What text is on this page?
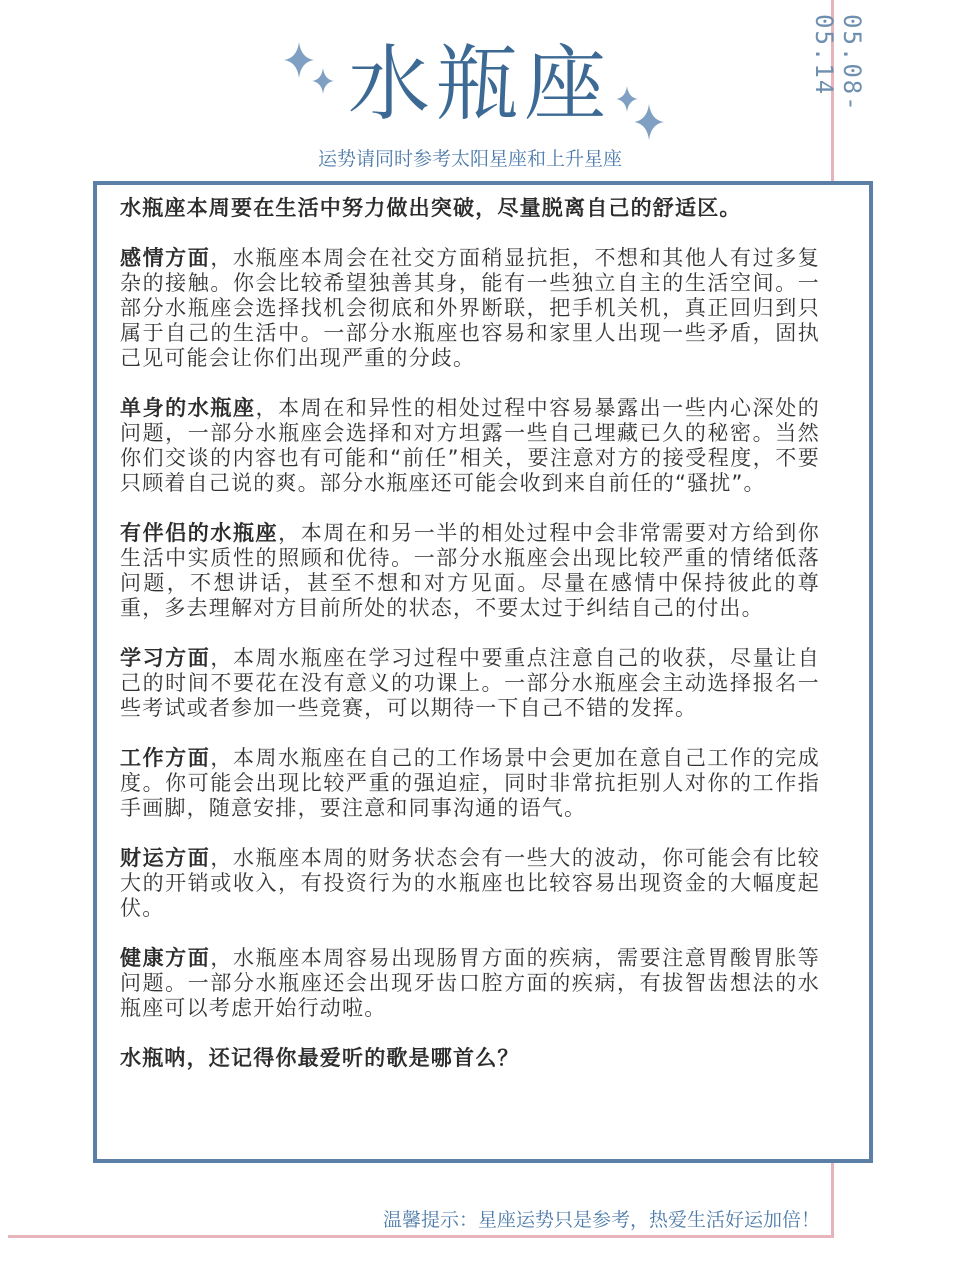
05.08-05.14
水瓶座
运势请同时参考太阳星座和上升星座

水瓶座本周要在生活中努力做出突破，尽量脱离自己的舒适区。

感情方面，水瓶座本周会在社交方面稍显抗拒，不想和其他人有过多复杂的接触。你会比较希望独善其身，能有一些独立自主的生活空间。一部分水瓶座会选择找机会彻底和外界断联，把手机关机，真正回归到只属于自己的生活中。一部分水瓶座也容易和家里人出现一些矛盾，固执己见可能会让你们出现严重的分歧。

单身的水瓶座，本周在和异性的相处过程中容易暴露出一些内心深处的问题，一部分水瓶座会选择和对方坦露一些自己埋藏已久的秘密。当然你们交谈的内容也有可能和“前任”相关，要注意对方的接受程度，不要只顾着自己说的爽。部分水瓶座还可能会收到来自前任的“骚扰”。

有伴侣的水瓶座，本周在和另一半的相处过程中会非常需要对方给到你生活中实质性的照顾和优待。一部分水瓶座会出现比较严重的情绪低落问题，不想讲话，甚至不想和对方见面。尽量在感情中保持彼此的尊重，多去理解对方目前所处的状态，不要太过于纠结自己的付出。

学习方面，本周水瓶座在学习过程中要重点注意自己的收获，尽量让自己的时间不要花在没有意义的功课上。一部分水瓶座会主动选择报名一些考试或者参加一些竞赛，可以期待一下自己不错的发挥。

工作方面，本周水瓶座在自己的工作场景中会更加在意自己工作的完成度。你可能会出现比较严重的强迫症，同时非常抗拒别人对你的工作指手画脚，随意安排，要注意和同事沟通的语气。

财运方面，水瓶座本周的财务状态会有一些大的波动，你可能会有比较大的开销或收入，有投资行为的水瓶座也比较容易出现资金的大幅度起伏。

健康方面，水瓶座本周容易出现肠胃方面的疾病，需要注意胃酸胃胀等问题。一部分水瓶座还会出现牙齿口腔方面的疾病，有拔智齿想法的水瓶座可以考虑开始行动啦。

水瓶呐，还记得你最爱听的歌是哪首么？

温馨提示：星座运势只是参考，热爱生活好运加倍！
